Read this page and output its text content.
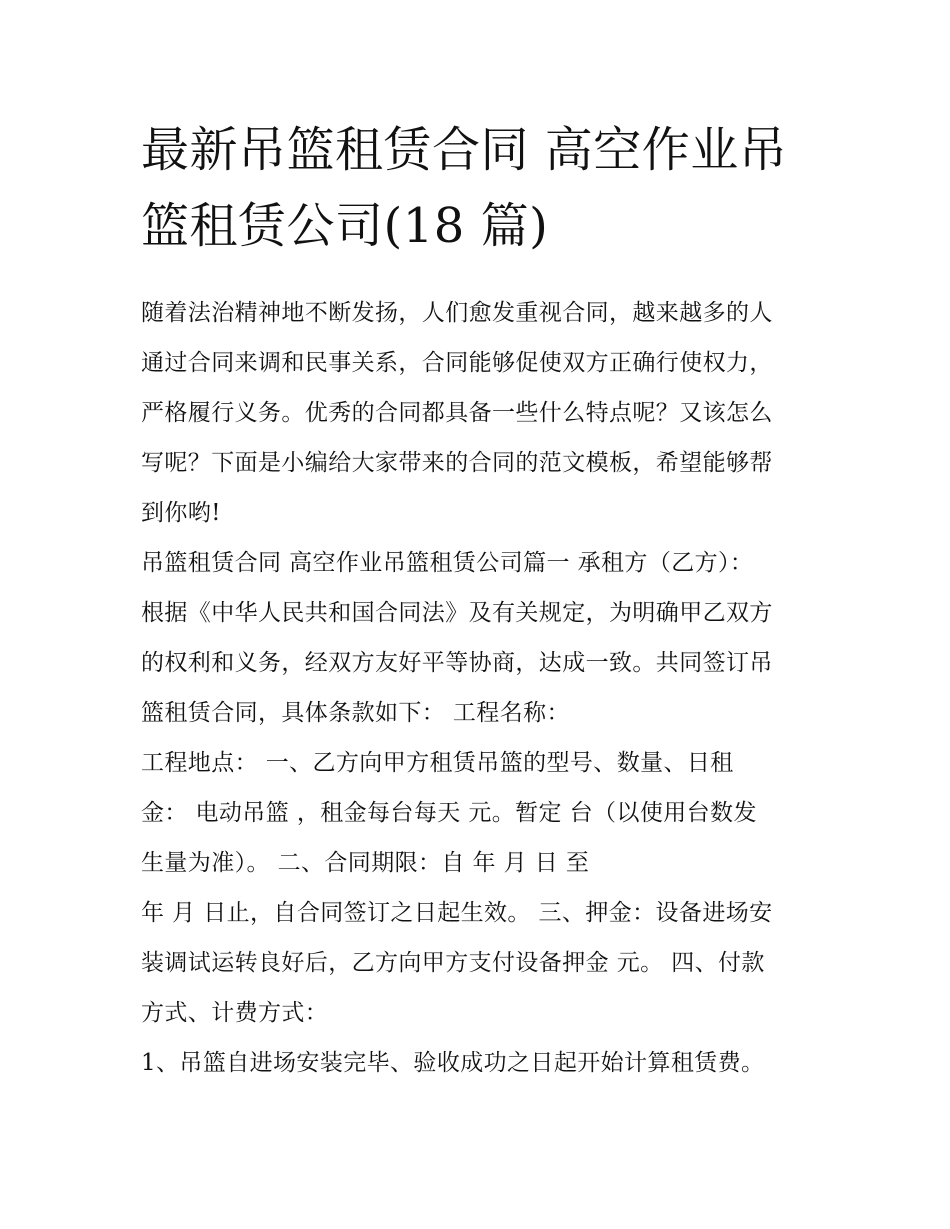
最新吊篮租赁合同 高空作业吊
篮租赁公司(18 篇)

随着法治精神地不断发扬，人们愈发重视合同，越来越多的人

通过合同来调和民事关系，合同能够促使双方正确行使权力，

严格履行义务。优秀的合同都具备一些什么特点呢？又该怎么

写呢？下面是小编给大家带来的合同的范文模板，希望能够帮

到你哟!

吊篮租赁合同 高空作业吊篮租赁公司篇一 承租方（乙方）：

根据《中华人民共和国合同法》及有关规定，为明确甲乙双方

的权利和义务，经双方友好平等协商，达成一致。共同签订吊

篮租赁合同，具体条款如下： 工程名称：

工程地点： 一、乙方向甲方租赁吊篮的型号、数量、日租

金： 电动吊篮 ，租金每台每天 元。暂定 台（以使用台数发

生量为准）。 二、合同期限：自 年 月 日 至

年 月 日止，自合同签订之日起生效。 三、押金：设备进场安

装调试运转良好后，乙方向甲方支付设备押金 元。 四、付款

方式、计费方式：

1、吊篮自进场安装完毕、验收成功之日起开始计算租赁费。
